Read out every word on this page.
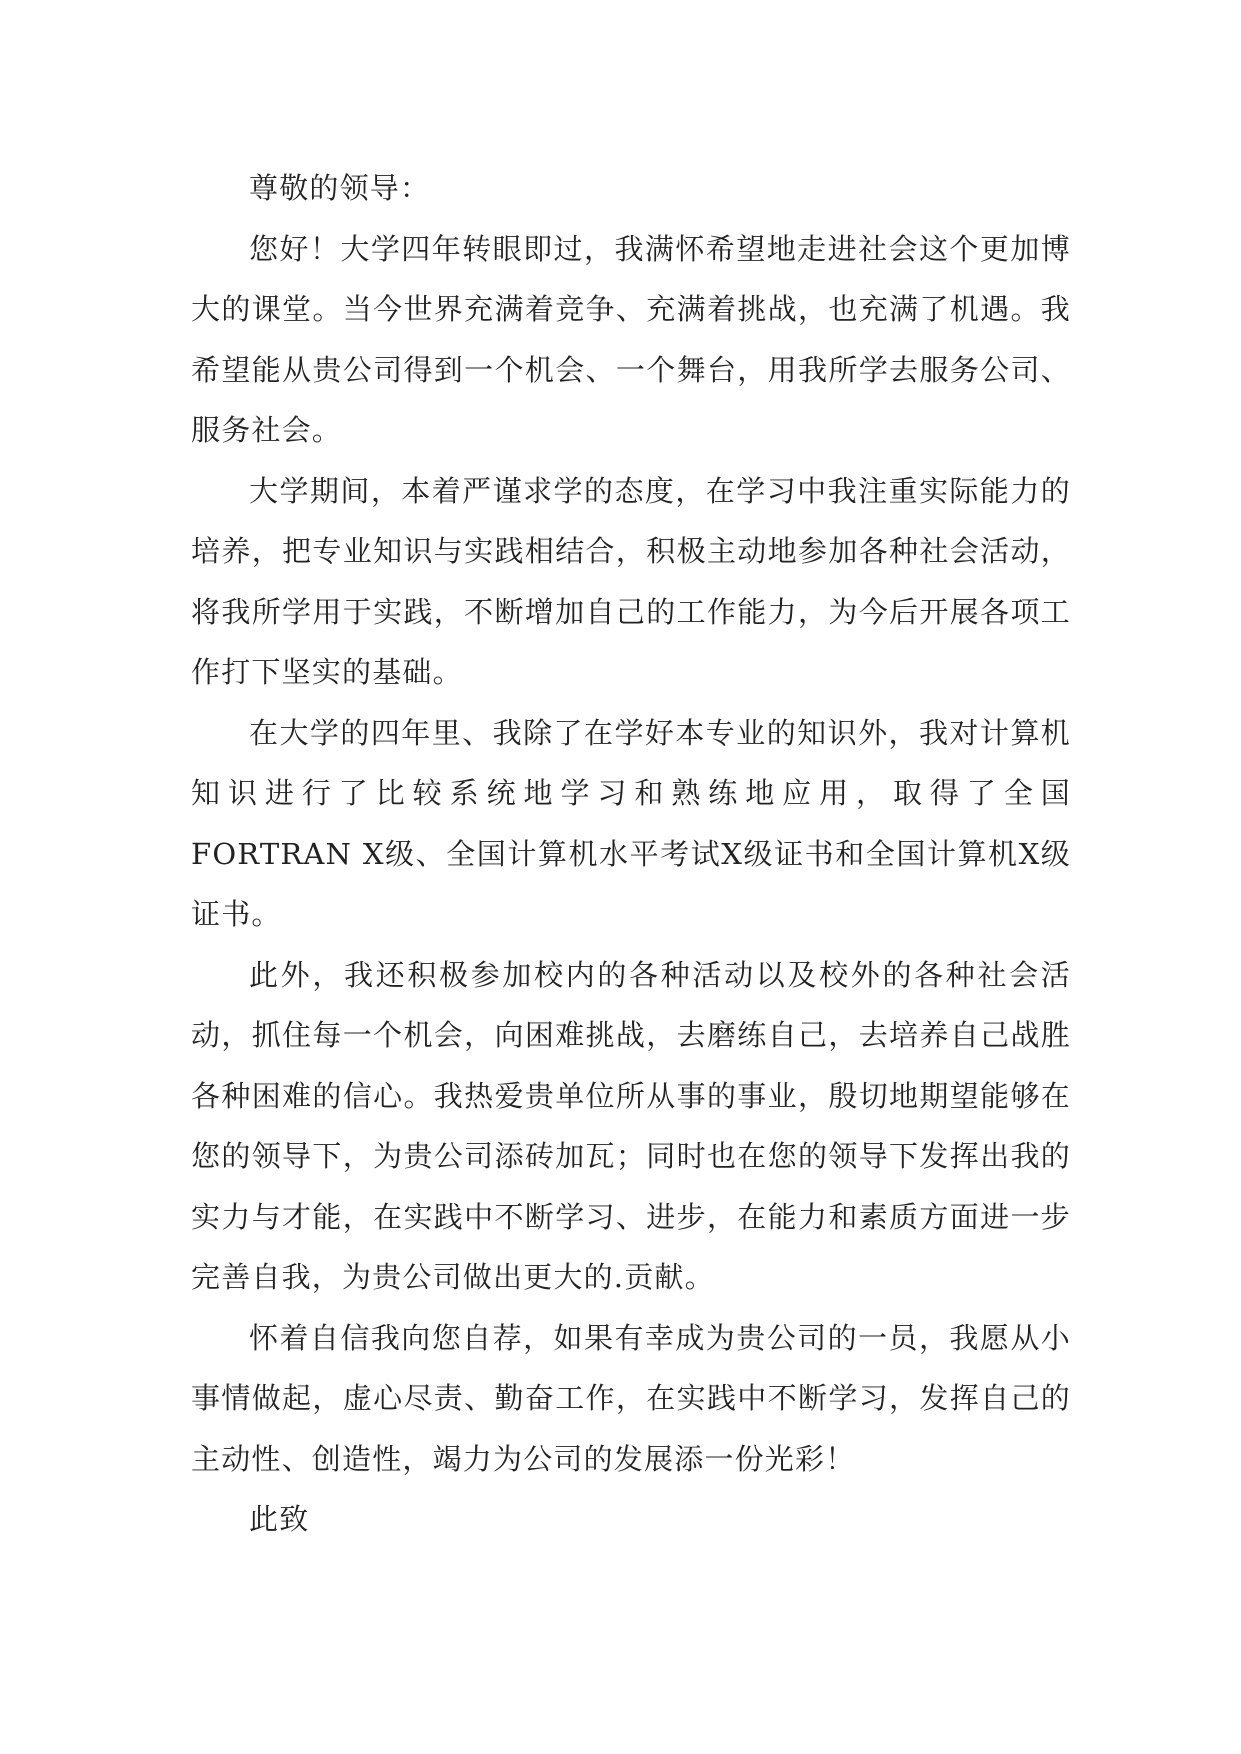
尊敬的领导：

您好！大学四年转眼即过，我满怀希望地走进社会这个更加博大的课堂。当今世界充满着竞争、充满着挑战，也充满了机遇。我希望能从贵公司得到一个机会、一个舞台，用我所学去服务公司、服务社会。

大学期间，本着严谨求学的态度，在学习中我注重实际能力的培养，把专业知识与实践相结合，积极主动地参加各种社会活动，将我所学用于实践，不断增加自己的工作能力，为今后开展各项工作打下坚实的基础。

在大学的四年里、我除了在学好本专业的知识外，我对计算机知识进行了比较系统地学习和熟练地应用，取得了全国 FORTRAN X级、全国计算机水平考试X级证书和全国计算机X级证书。

此外，我还积极参加校内的各种活动以及校外的各种社会活动，抓住每一个机会，向困难挑战，去磨练自己，去培养自己战胜各种困难的信心。我热爱贵单位所从事的事业，殷切地期望能够在您的领导下，为贵公司添砖加瓦；同时也在您的领导下发挥出我的实力与才能，在实践中不断学习、进步，在能力和素质方面进一步完善自我，为贵公司做出更大的.贡献。

怀着自信我向您自荐，如果有幸成为贵公司的一员，我愿从小事情做起，虚心尽责、勤奋工作，在实践中不断学习，发挥自己的主动性、创造性，竭力为公司的发展添一份光彩！

此致
